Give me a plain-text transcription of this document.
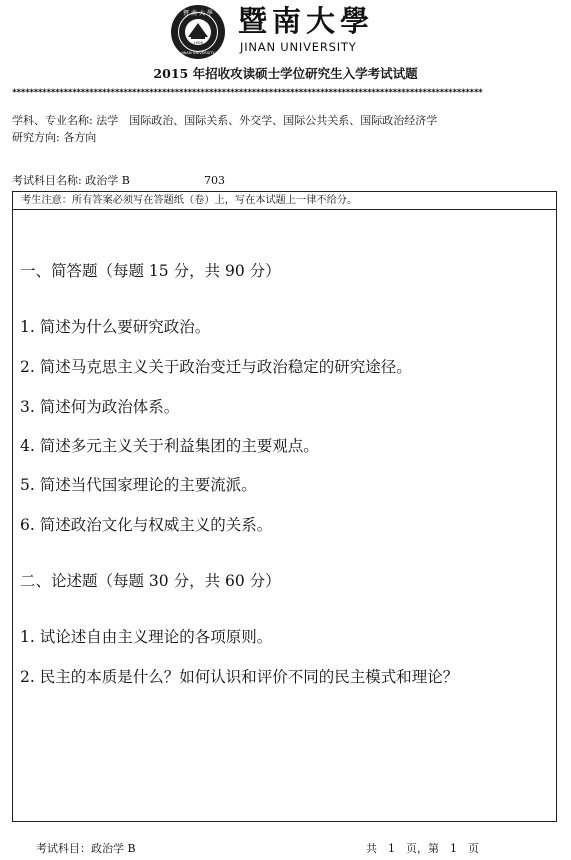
暨 南 大 學
JINAN UNIVERSITY
1906
暨南大學
JINAN UNIVERSITY
2015 年招收攻读硕士学位研究生入学考试试题
**************************************************************************************************************
学科、专业名称: 法学　国际政治、国际关系、外交学、国际公共关系、国际政治经济学
研究方向: 各方向
考试科目名称: 政治学 B	703
考生注意：所有答案必须写在答题纸（卷）上，写在本试题上一律不给分。
一、简答题（每题 15 分，共 90 分）
1. 简述为什么要研究政治。
2. 简述马克思主义关于政治变迁与政治稳定的研究途径。
3. 简述何为政治体系。
4. 简述多元主义关于利益集团的主要观点。
5. 简述当代国家理论的主要流派。
6. 简述政治文化与权威主义的关系。
二、论述题（每题 30 分，共 60 分）
1. 试论述自由主义理论的各项原则。
2. 民主的本质是什么？如何认识和评价不同的民主模式和理论？
考试科目：政治学 B	共　1　页，第　1　页
